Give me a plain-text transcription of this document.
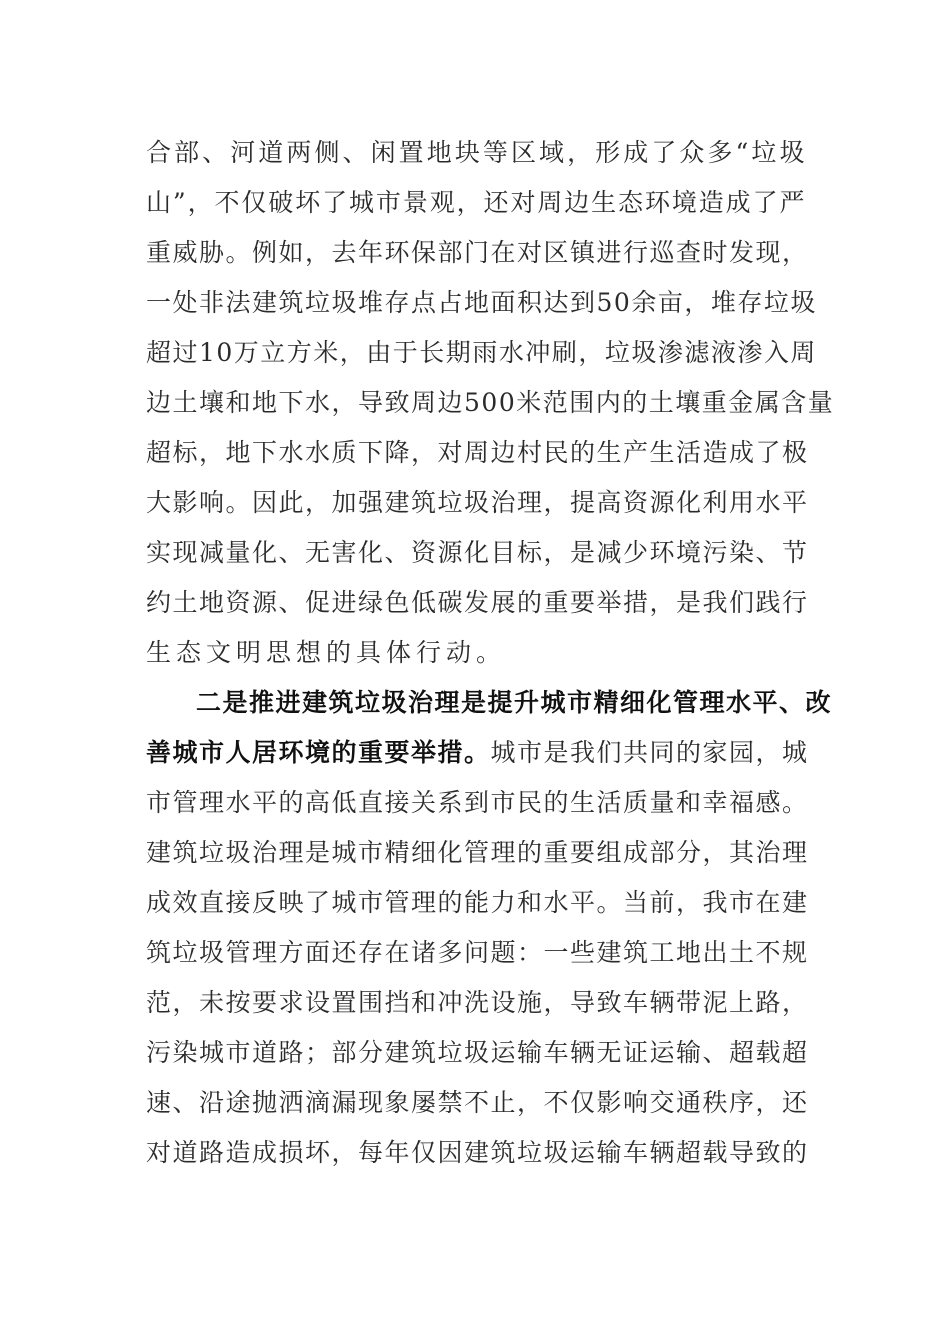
合部、河道两侧、闲置地块等区域，形成了众多“垃圾
山”，不仅破坏了城市景观，还对周边生态环境造成了严
重威胁。例如，去年环保部门在对区镇进行巡查时发现，
一处非法建筑垃圾堆存点占地面积达到50余亩，堆存垃圾
超过10万立方米，由于长期雨水冲刷，垃圾渗滤液渗入周
边土壤和地下水，导致周边500米范围内的土壤重金属含量
超标，地下水水质下降，对周边村民的生产生活造成了极
大影响。因此，加强建筑垃圾治理，提高资源化利用水平
实现减量化、无害化、资源化目标，是减少环境污染、节
约土地资源、促进绿色低碳发展的重要举措，是我们践行
生态文明思想的具体行动。
二是推进建筑垃圾治理是提升城市精细化管理水平、改
善城市人居环境的重要举措。城市是我们共同的家园，城
市管理水平的高低直接关系到市民的生活质量和幸福感。
建筑垃圾治理是城市精细化管理的重要组成部分，其治理
成效直接反映了城市管理的能力和水平。当前，我市在建
筑垃圾管理方面还存在诸多问题：一些建筑工地出土不规
范，未按要求设置围挡和冲洗设施，导致车辆带泥上路，
污染城市道路；部分建筑垃圾运输车辆无证运输、超载超
速、沿途抛洒滴漏现象屡禁不止，不仅影响交通秩序，还
对道路造成损坏，每年仅因建筑垃圾运输车辆超载导致的
